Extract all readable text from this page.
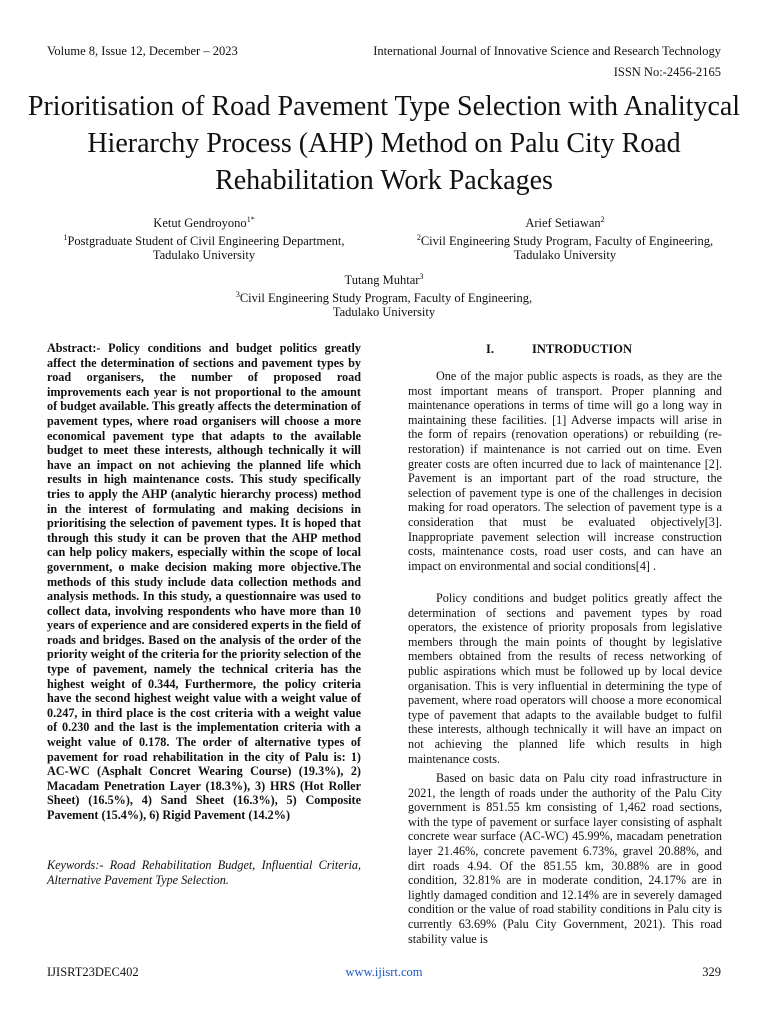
Volume 8, Issue 12, December – 2023	International Journal of Innovative Science and Research Technology
ISSN No:-2456-2165
Prioritisation of Road Pavement Type Selection with Analitycal Hierarchy Process (AHP) Method on Palu City Road Rehabilitation Work Packages
Ketut Gendroyono$^{1*}$
$^1$Postgraduate Student of Civil Engineering Department,
Tadulako University
Arief Setiawan$^2$
$^2$Civil Engineering Study Program, Faculty of Engineering,
Tadulako University
Tutang Muhtar$^3$
$^3$Civil Engineering Study Program, Faculty of Engineering,
Tadulako University
Abstract:- Policy conditions and budget politics greatly affect the determination of sections and pavement types by road organisers, the number of proposed road improvements each year is not proportional to the amount of budget available. This greatly affects the determination of pavement types, where road organisers will choose a more economical pavement type that adapts to the available budget to meet these interests, although technically it will have an impact on not achieving the planned life which results in high maintenance costs. This study specifically tries to apply the AHP (analytic hierarchy process) method in the interest of formulating and making decisions in prioritising the selection of pavement types. It is hoped that through this study it can be proven that the AHP method can help policy makers, especially within the scope of local government, o make decision making more objective.The methods of this study include data collection methods and analysis methods. In this study, a questionnaire was used to collect data, involving respondents who have more than 10 years of experience and are considered experts in the field of roads and bridges. Based on the analysis of the order of the priority weight of the criteria for the priority selection of the type of pavement, namely the technical criteria has the highest weight of 0.344, Furthermore, the policy criteria have the second highest weight value with a weight value of 0.247, in third place is the cost criteria with a weight value of 0.230 and the last is the implementation criteria with a weight value of 0.178. The order of alternative types of pavement for road rehabilitation in the city of Palu is: 1) AC-WC (Asphalt Concret Wearing Course) (19.3%), 2) Macadam Penetration Layer (18.3%), 3) HRS (Hot Roller Sheet) (16.5%), 4) Sand Sheet (16.3%), 5) Composite Pavement (15.4%), 6) Rigid Pavement (14.2%)
Keywords:- Road Rehabilitation Budget, Influential Criteria, Alternative Pavement Type Selection.
I.	INTRODUCTION
One of the major public aspects is roads, as they are the most important means of transport. Proper planning and maintenance operations in terms of time will go a long way in maintaining these facilities. [1] Adverse impacts will arise in the form of repairs (renovation operations) or rebuilding (re- restoration) if maintenance is not carried out on time. Even greater costs are often incurred due to lack of maintenance [2]. Pavement is an important part of the road structure, the selection of pavement type is one of the challenges in decision making for road operators. The selection of pavement type is a consideration that must be evaluated objectively[3]. Inappropriate pavement selection will increase construction costs, maintenance costs, road user costs, and can have an impact on environmental and social conditions[4] .
Policy conditions and budget politics greatly affect the determination of sections and pavement types by road operators, the existence of priority proposals from legislative members through the main points of thought by legislative members obtained from the results of recess networking of public aspirations which must be followed up by local device organisation. This is very influential in determining the type of pavement, where road operators will choose a more economical type of pavement that adapts to the available budget to fulfil these interests, although technically it will have an impact on not achieving the planned life which results in high maintenance costs.
Based on basic data on Palu city road infrastructure in 2021, the length of roads under the authority of the Palu City government is 851.55 km consisting of 1,462 road sections, with the type of pavement or surface layer consisting of asphalt concrete wear surface (AC-WC) 45.99%, macadam penetration layer 21.46%, concrete pavement 6.73%, gravel 20.88%, and dirt roads 4.94. Of the 851.55 km, 30.88% are in good condition, 32.81% are in moderate condition, 24.17% are in lightly damaged condition and 12.14% are in severely damaged condition or the value of road stability conditions in Palu city is currently 63.69% (Palu City Government, 2021). This road stability value is
IJISRT23DEC402	www.ijisrt.com	329
